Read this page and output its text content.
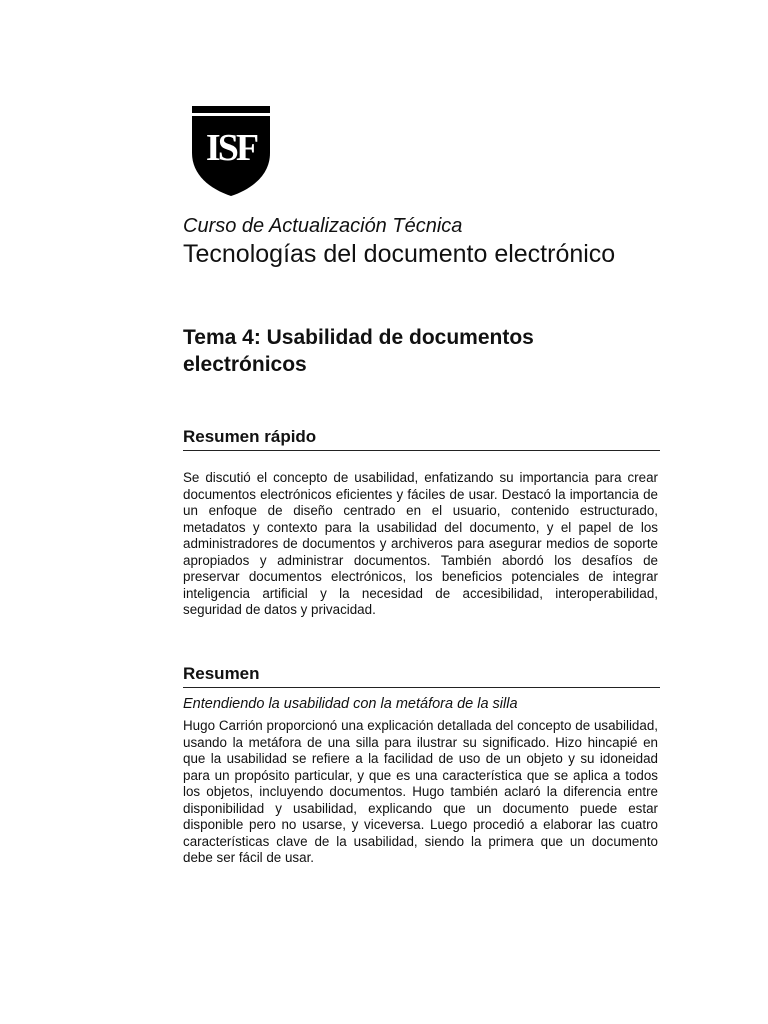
ISF
Curso de Actualización Técnica
Tecnologías del documento electrónico
Tema 4: Usabilidad de documentos electrónicos
Resumen rápido
Se discutió el concepto de usabilidad, enfatizando su importancia para crear documentos electrónicos eficientes y fáciles de usar. Destacó la importancia de un enfoque de diseño centrado en el usuario, contenido estructurado, metadatos y contexto para la usabilidad del documento, y el papel de los administradores de documentos y archiveros para asegurar medios de soporte apropiados y administrar documentos. También abordó los desafíos de preservar documentos electrónicos, los beneficios potenciales de integrar inteligencia artificial y la necesidad de accesibilidad, interoperabilidad, seguridad de datos y privacidad.
Resumen
Entendiendo la usabilidad con la metáfora de la silla
Hugo Carrión proporcionó una explicación detallada del concepto de usabilidad, usando la metáfora de una silla para ilustrar su significado. Hizo hincapié en que la usabilidad se refiere a la facilidad de uso de un objeto y su idoneidad para un propósito particular, y que es una característica que se aplica a todos los objetos, incluyendo documentos. Hugo también aclaró la diferencia entre disponibilidad y usabilidad, explicando que un documento puede estar disponible pero no usarse, y viceversa. Luego procedió a elaborar las cuatro características clave de la usabilidad, siendo la primera que un documento debe ser fácil de usar.
